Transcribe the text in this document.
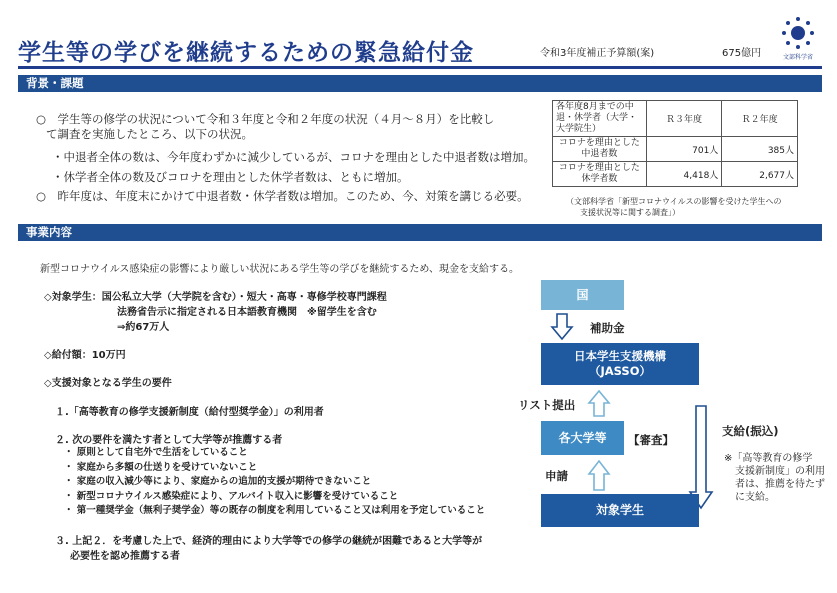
学生等の学びを継続するための緊急給付金	令和3年度補正予算額(案)	675億円	文部科学省
背景・課題
○　学生等の修学の状況について令和３年度と令和２年度の状況（４月～８月）を比較し
て調査を実施したところ、以下の状況。
・中退者全体の数は、今年度わずかに減少しているが、コロナを理由とした中退者数は増加。
・休学者全体の数及びコロナを理由とした休学者数は、ともに増加。
○　昨年度は、年度末にかけて中退者数・休学者数は増加。このため、今、対策を講じる必要。
各年度8月までの中
退・休学者（大学・
大学院生）	Ｒ３年度	Ｒ２年度
コロナを理由とした
中退者数	701人	385人
コロナを理由とした
休学者数	4,418人	2,677人
（文部科学省「新型コロナウイルスの影響を受けた学生への
支援状況等に関する調査」）
事業内容
新型コロナウイルス感染症の影響により厳しい状況にある学生等の学びを継続するため、現金を支給する。
◇対象学生：国公私立大学（大学院を含む）・短大・高専・専修学校専門課程
法務省告示に指定される日本語教育機関　※留学生を含む
⇒約67万人
◇給付額：10万円
◇支援対象となる学生の要件
１.「高等教育の修学支援新制度（給付型奨学金）」の利用者
２. 次の要件を満たす者として大学等が推薦する者
・ 原則として自宅外で生活をしていること
・ 家庭から多額の仕送りを受けていないこと
・ 家庭の収入減少等により、家庭からの追加的支援が期待できないこと
・ 新型コロナウイルス感染症により、アルバイト収入に影響を受けていること
・ 第一種奨学金（無利子奨学金）等の既存の制度を利用していること又は利用を予定していること
３. 上記２．を考慮した上で、経済的理由により大学等での修学の継続が困難であると大学等が
必要性を認め推薦する者
国
補助金
日本学生支援機構
（JASSO）
リスト提出
支給(振込)
各大学等	【審査】
※「高等教育の修学
支援新制度」の利用
者は、推薦を待たず
に支給。
申請
対象学生
